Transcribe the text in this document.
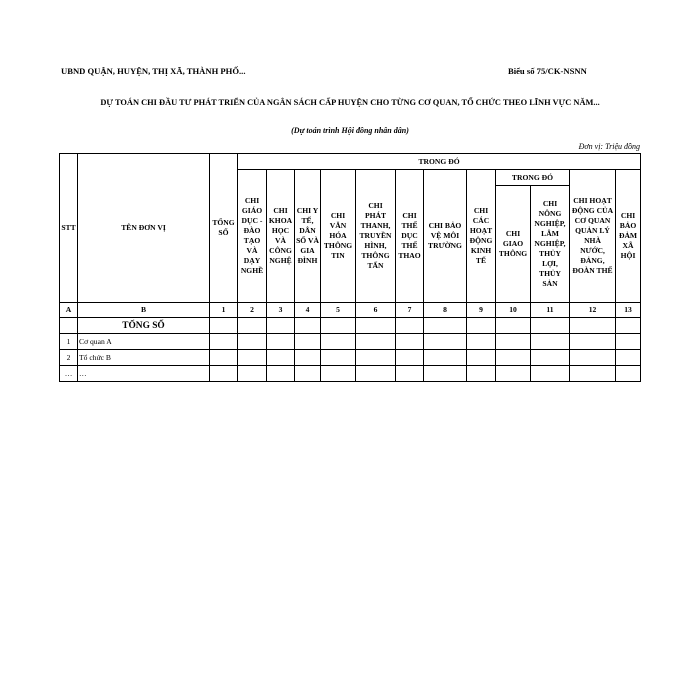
UBND QUẬN, HUYỆN, THỊ XÃ, THÀNH PHỐ...	Biểu số 75/CK-NSNN
DỰ TOÁN CHI ĐẦU TƯ PHÁT TRIỂN CỦA NGÂN SÁCH CẤP HUYỆN CHO TỪNG CƠ QUAN, TỔ CHỨC THEO LĨNH VỰC NĂM...
(Dự toán trình Hội đồng nhân dân)
Đơn vị: Triệu đồng
STT	TÊN ĐƠN VỊ	TỔNG SỐ	TRONG ĐÓ											
			CHI GIÁO DỤC - ĐÀO TẠO VÀ DẠY NGHỀ	CHI KHOA HỌC VÀ CÔNG NGHỆ	CHI Y TẾ, DÂN SỐ VÀ GIA ĐÌNH	CHI VĂN HÓA THÔNG TIN	CHI PHÁT THANH, TRUYỀN HÌNH, THÔNG TẤN	CHI THỂ DỤC THỂ THAO	CHI BẢO VỆ MÔI TRƯỜNG	CHI CÁC HOẠT ĐỘNG KINH TẾ	TRONG ĐÓ		CHI HOẠT ĐỘNG CỦA CƠ QUAN QUẢN LÝ NHÀ NƯỚC, ĐẢNG, ĐOÀN THỂ	CHI BẢO ĐẢM XÃ HỘI
											CHI GIAO THÔNG	CHI NÔNG NGHIỆP, LÂM NGHIỆP, THỦY LỢI, THỦY SẢN		
A	B	1	2	3	4	5	6	7	8	9	10	11	12	13
	TỔNG SỐ													
1	Cơ quan A													
2	Tổ chức B													
…	…													
